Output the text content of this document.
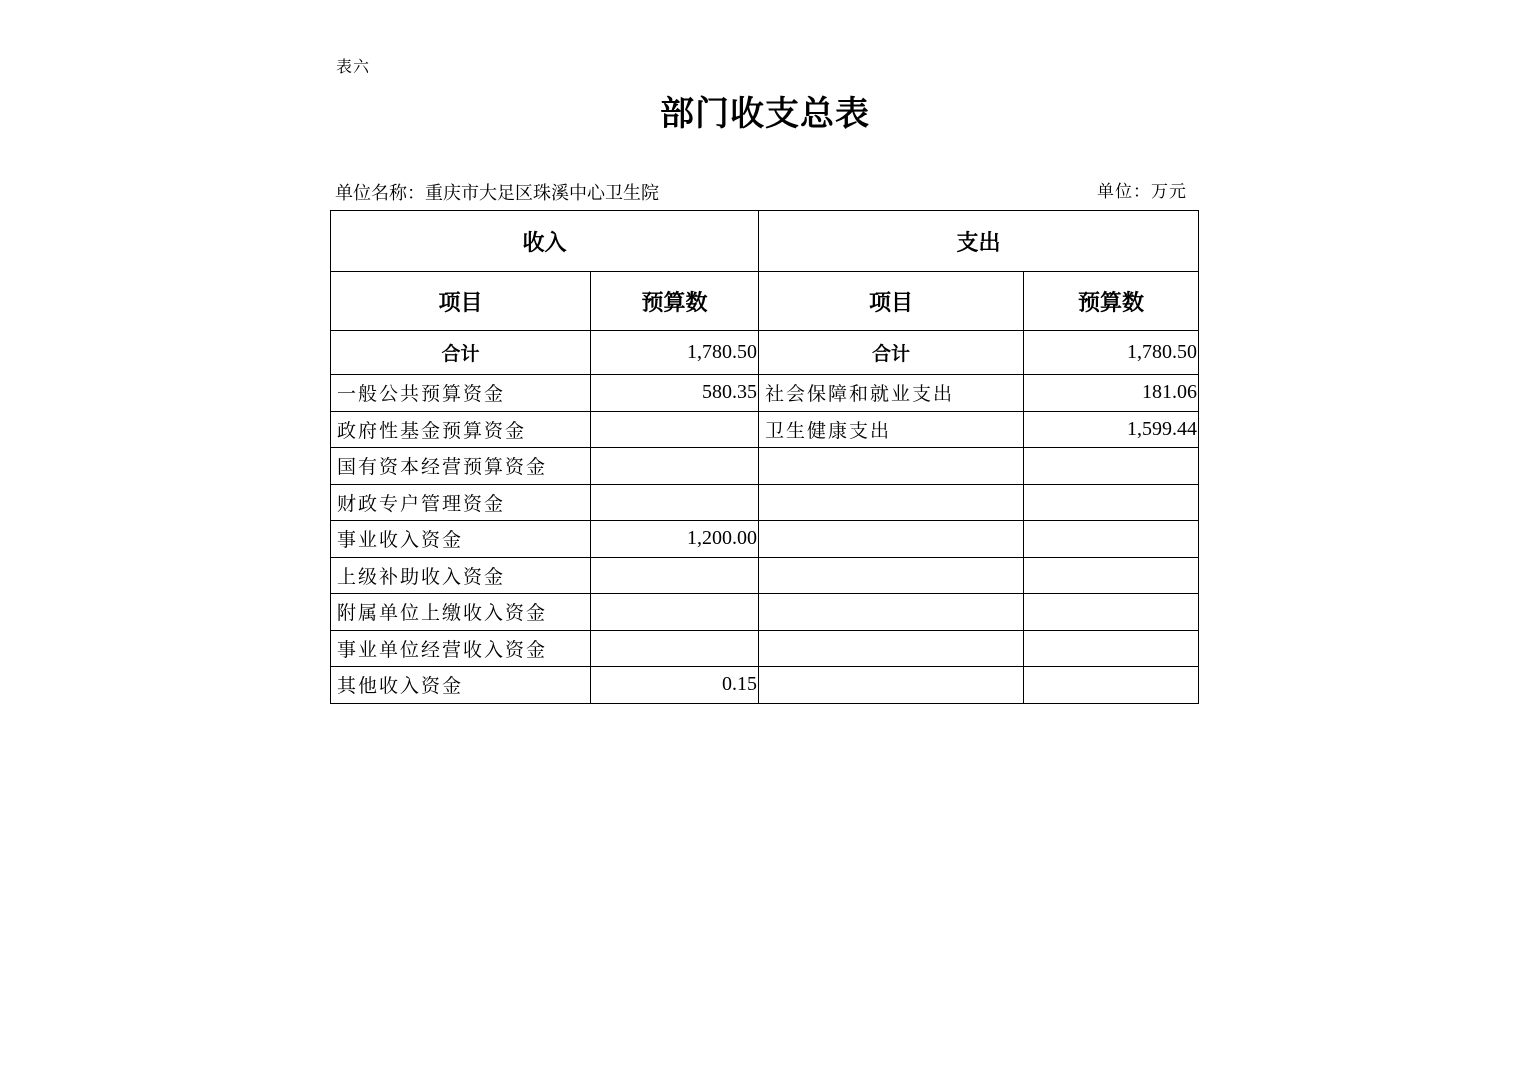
表六
部门收支总表
单位名称：重庆市大足区珠溪中心卫生院	单位：万元
收入		支出	
项目	预算数	项目	预算数
合计	1,780.50	合计	1,780.50
一般公共预算资金	580.35	社会保障和就业支出	181.06
政府性基金预算资金		卫生健康支出	1,599.44
国有资本经营预算资金			
财政专户管理资金			
事业收入资金	1,200.00		
上级补助收入资金			
附属单位上缴收入资金			
事业单位经营收入资金			
其他收入资金	0.15		
